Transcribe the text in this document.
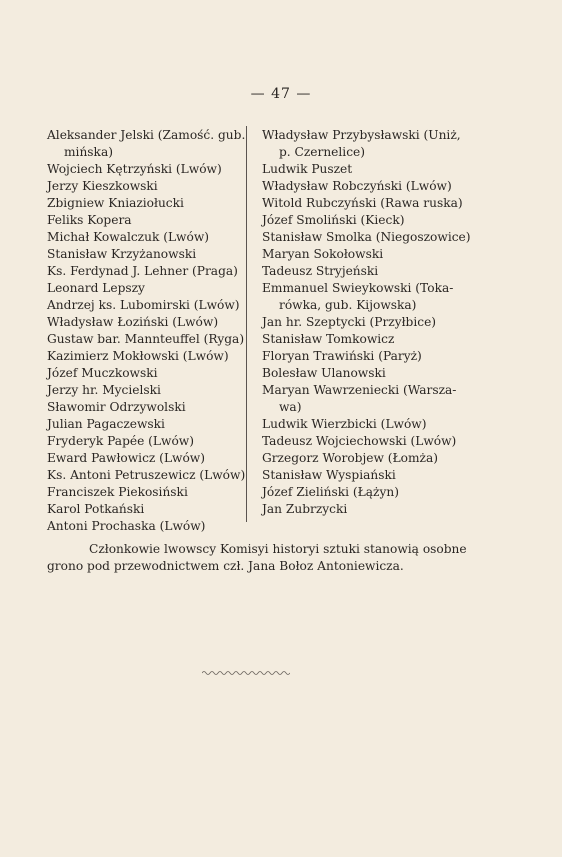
— 47 —
Aleksander Jelski (Zamość. gub.
mińska)
Wojciech Kętrzyński (Lwów)
Jerzy Kieszkowski
Zbigniew Kniaziołucki
Feliks Kopera
Michał Kowalczuk (Lwów)
Stanisław Krzyżanowski
Ks. Ferdynad J. Lehner (Praga)
Leonard Lepszy
Andrzej ks. Lubomirski (Lwów)
Władysław Łoziński (Lwów)
Gustaw bar. Mannteuffel (Ryga)
Kazimierz Mokłowski (Lwów)
Józef Muczkowski
Jerzy hr. Mycielski
Sławomir Odrzywolski
Julian Pagaczewski
Fryderyk Papée (Lwów)
Eward Pawłowicz (Lwów)
Ks. Antoni Petruszewicz (Lwów)
Franciszek Piekosiński
Karol Potkański
Antoni Prochaska (Lwów)
Władysław Przybysławski (Uniż,
p. Czernelice)
Ludwik Puszet
Władysław Robczyński (Lwów)
Witold Rubczyński (Rawa ruska)
Józef Smoliński (Kieck)
Stanisław Smolka (Niegoszowice)
Maryan Sokołowski
Tadeusz Stryjeński
Emmanuel Swieykowski (Toka-
rówka, gub. Kijowska)
Jan hr. Szeptycki (Przyłbice)
Stanisław Tomkowicz
Floryan Trawiński (Paryż)
Bolesław Ulanowski
Maryan Wawrzeniecki (Warsza-
wa)
Ludwik Wierzbicki (Lwów)
Tadeusz Wojciechowski (Lwów)
Grzegorz Worobjew (Łomża)
Stanisław Wyspiański
Józef Zieliński (Łążyn)
Jan Zubrzycki
Członkowie lwowscy Komisyi historyi sztuki stanowią osobne
grono pod przewodnictwem czł. Jana Bołoz Antoniewicza.
